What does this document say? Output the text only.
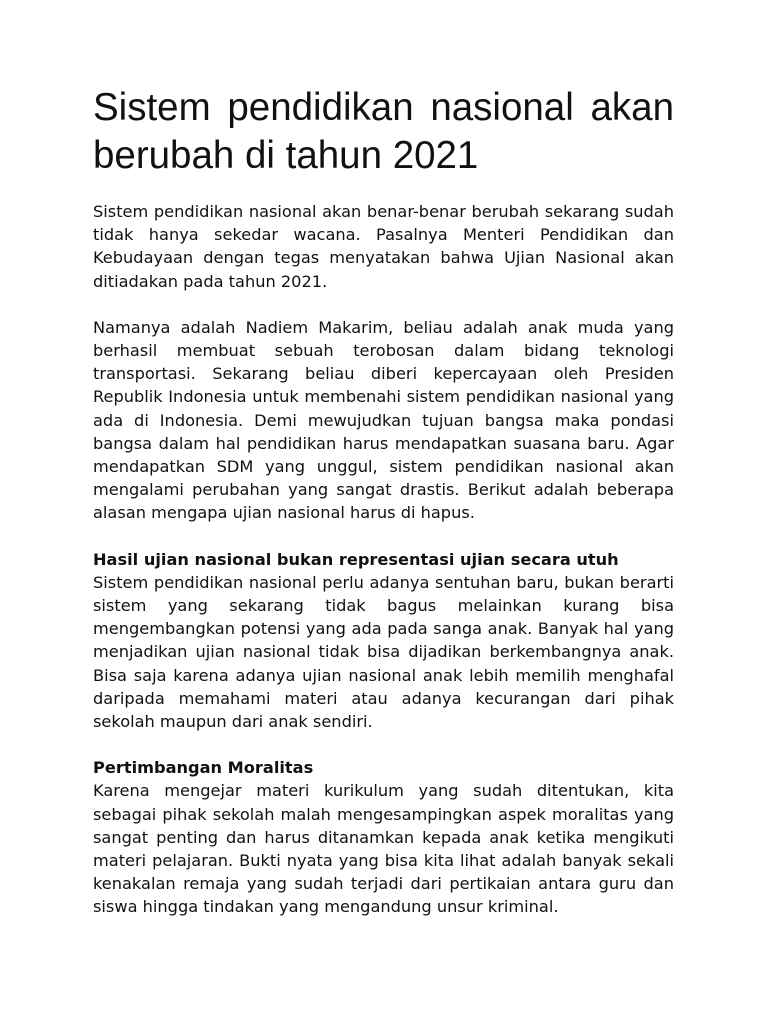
Sistem pendidikan nasional akan berubah di tahun 2021

Sistem pendidikan nasional akan benar-benar berubah sekarang sudah tidak hanya sekedar wacana. Pasalnya Menteri Pendidikan dan Kebudayaan dengan tegas menyatakan bahwa Ujian Nasional akan ditiadakan pada tahun 2021.

Namanya adalah Nadiem Makarim, beliau adalah anak muda yang berhasil membuat sebuah terobosan dalam bidang teknologi transportasi. Sekarang beliau diberi kepercayaan oleh Presiden Republik Indonesia untuk membenahi sistem pendidikan nasional yang ada di Indonesia. Demi mewujudkan tujuan bangsa maka pondasi bangsa dalam hal pendidikan harus mendapatkan suasana baru. Agar mendapatkan SDM yang unggul, sistem pendidikan nasional akan mengalami perubahan yang sangat drastis. Berikut adalah beberapa alasan mengapa ujian nasional harus di hapus.

Hasil ujian nasional bukan representasi ujian secara utuh

Sistem pendidikan nasional perlu adanya sentuhan baru, bukan berarti sistem yang sekarang tidak bagus melainkan kurang bisa mengembangkan potensi yang ada pada sanga anak. Banyak hal yang menjadikan ujian nasional tidak bisa dijadikan berkembangnya anak. Bisa saja karena adanya ujian nasional anak lebih memilih menghafal daripada memahami materi atau adanya kecurangan dari pihak sekolah maupun dari anak sendiri.

Pertimbangan Moralitas

Karena mengejar materi kurikulum yang sudah ditentukan, kita sebagai pihak sekolah malah mengesampingkan aspek moralitas yang sangat penting dan harus ditanamkan kepada anak ketika mengikuti materi pelajaran. Bukti nyata yang bisa kita lihat adalah banyak sekali kenakalan remaja yang sudah terjadi dari pertikaian antara guru dan siswa hingga tindakan yang mengandung unsur kriminal.
